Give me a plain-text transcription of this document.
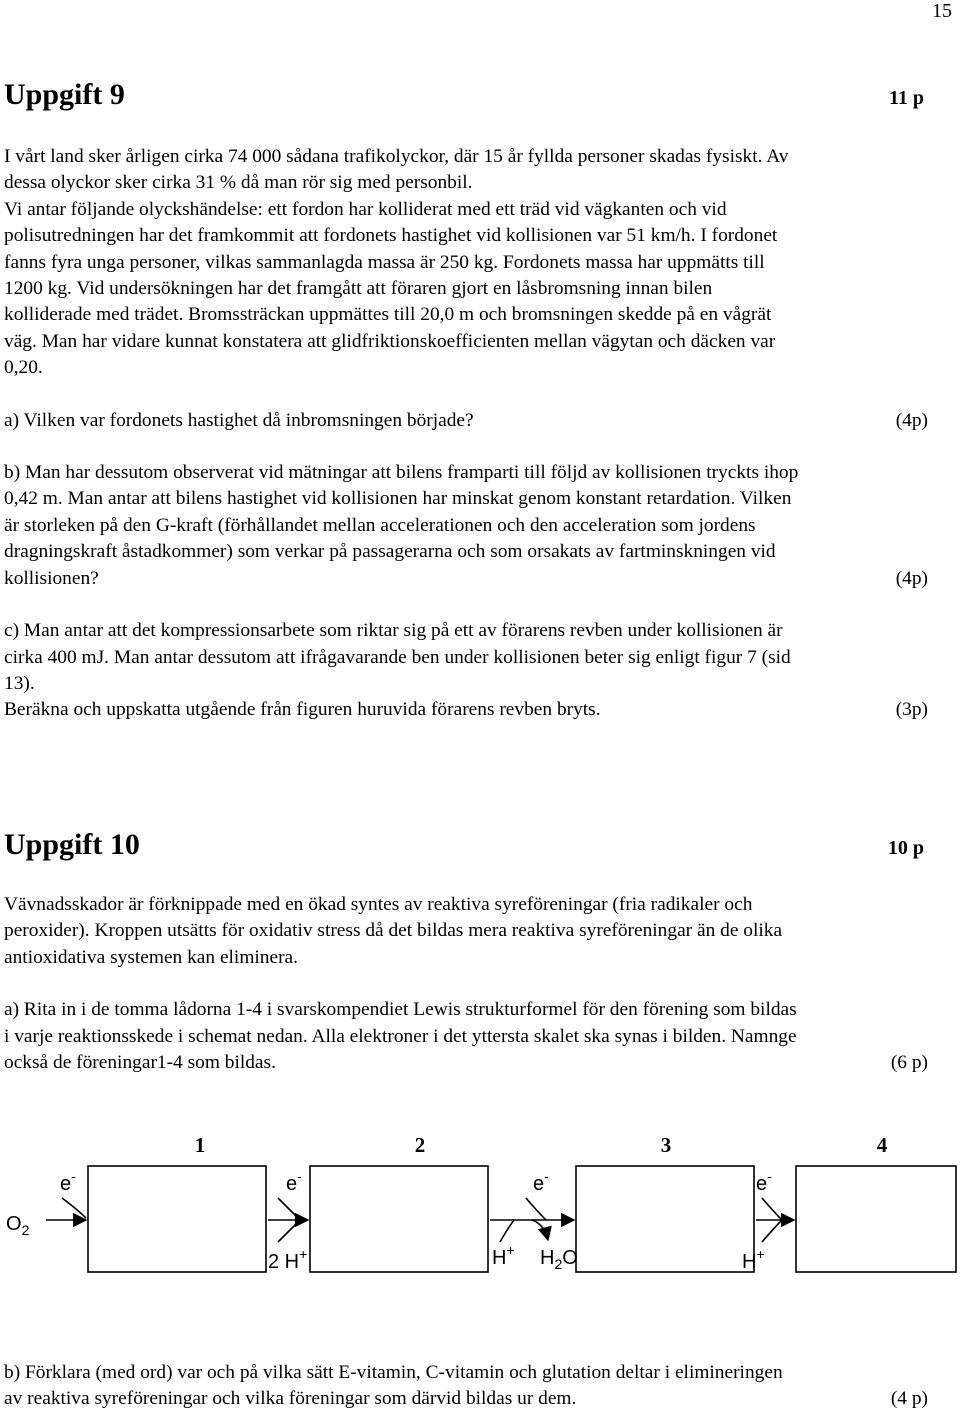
15
Uppgift 9	11 p

I vårt land sker årligen cirka 74 000 sådana trafikolyckor, där 15 år fyllda personer skadas fysiskt. Av

dessa olyckor sker cirka 31 % då man rör sig med personbil.

Vi antar följande olyckshändelse: ett fordon har kolliderat med ett träd vid vägkanten och vid

polisutredningen har det framkommit att fordonets hastighet vid kollisionen var 51 km/h. I fordonet

fanns fyra unga personer, vilkas sammanlagda massa är 250 kg. Fordonets massa har uppmätts till

1200 kg. Vid undersökningen har det framgått att föraren gjort en låsbromsning innan bilen

kolliderade med trädet. Bromssträckan uppmättes till 20,0 m och bromsningen skedde på en vågrät

väg. Man har vidare kunnat konstatera att glidfriktionskoefficienten mellan vägytan och däcken var

0,20.

a) Vilken var fordonets hastighet då inbromsningen började?	(4p)

b) Man har dessutom observerat vid mätningar att bilens framparti till följd av kollisionen tryckts ihop

0,42 m. Man antar att bilens hastighet vid kollisionen har minskat genom konstant retardation. Vilken

är storleken på den G-kraft (förhållandet mellan accelerationen och den acceleration som jordens

dragningskraft åstadkommer) som verkar på passagerarna och som orsakats av fartminskningen vid

kollisionen?	(4p)

c) Man antar att det kompressionsarbete som riktar sig på ett av förarens revben under kollisionen är

cirka 400 mJ. Man antar dessutom att ifrågavarande ben under kollisionen beter sig enligt figur 7 (sid

13).

Beräkna och uppskatta utgående från figuren huruvida förarens revben bryts.	(3p)
Uppgift 10	10 p

Vävnadsskador är förknippade med en ökad syntes av reaktiva syreföreningar (fria radikaler och

peroxider). Kroppen utsätts för oxidativ stress då det bildas mera reaktiva syreföreningar än de olika

antioxidativa systemen kan eliminera.

a) Rita in i de tomma lådorna 1-4 i svarskompendiet Lewis strukturformel för den förening som bildas

i varje reaktionsskede i schemat nedan. Alla elektroner i det yttersta skalet ska synas i bilden. Namnge

också de föreningar1-4 som bildas.	(6 p)
1	2	3	4
$O_2$
e-	e-
2 H+
e-
H+ $H_2O$
e-
H+

b) Förklara (med ord) var och på vilka sätt E-vitamin, C-vitamin och glutation deltar i elimineringen

av reaktiva syreföreningar och vilka föreningar som därvid bildas ur dem.	(4 p)
